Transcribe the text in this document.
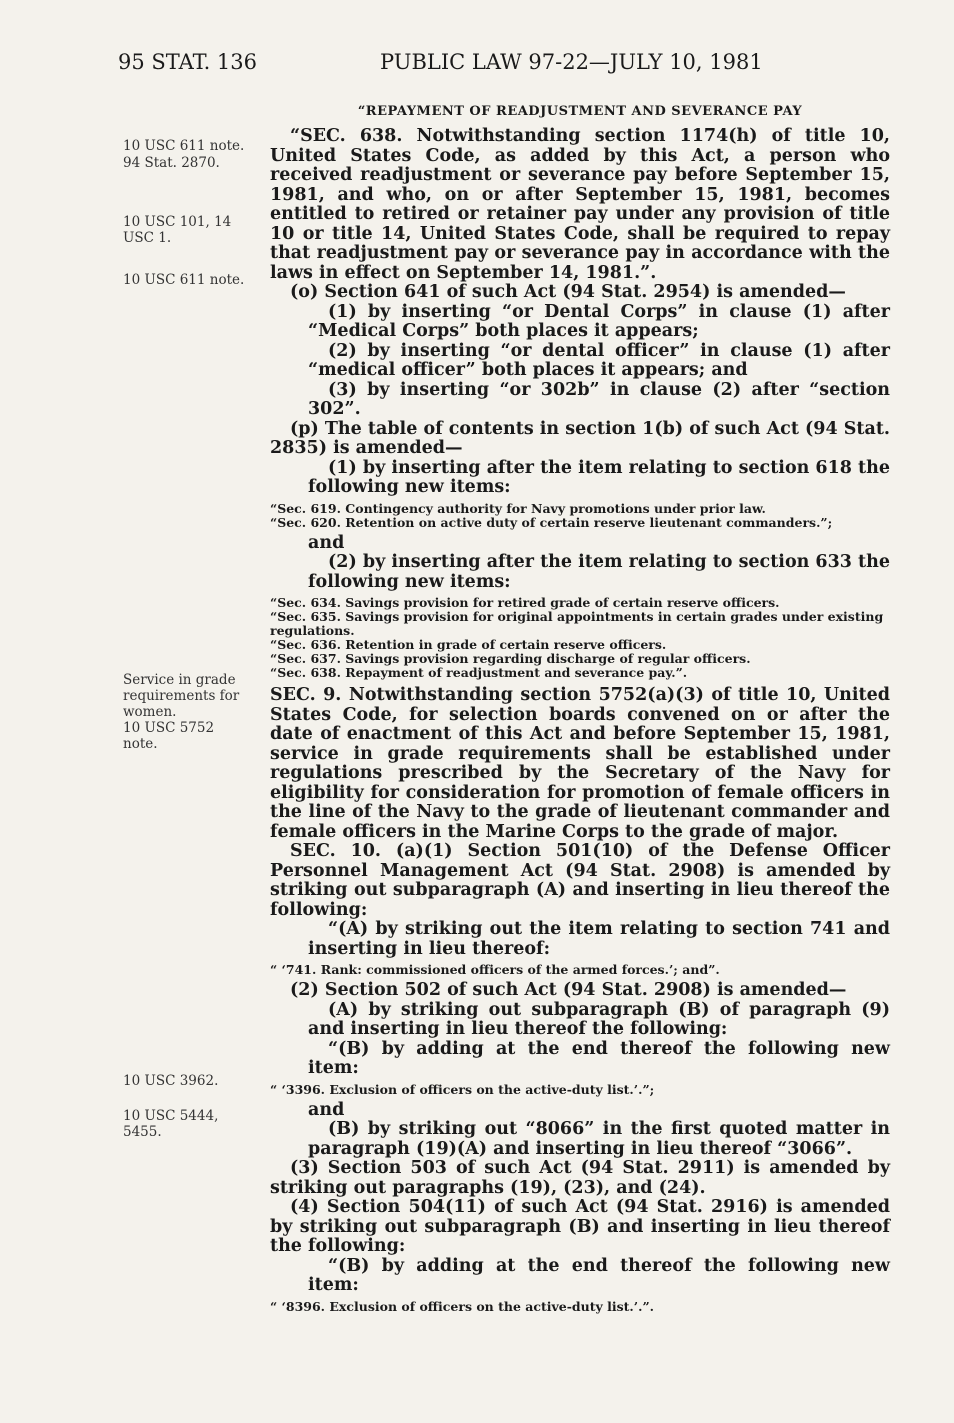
95 STAT. 136	PUBLIC LAW 97-22—JULY 10, 1981
10 USC 611 note.
94 Stat. 2870.
10 USC 101, 14 USC 1.
10 USC 611 note.
Service in grade requirements for women.
10 USC 5752 note.
10 USC 3962.
10 USC 5444, 5455.

“REPAYMENT OF READJUSTMENT AND SEVERANCE PAY

“SEC. 638. Notwithstanding section 1174(h) of title 10, United States Code, as added by this Act, a person who received readjustment or severance pay before September 15, 1981, and who, on or after September 15, 1981, becomes entitled to retired or retainer pay under any provision of title 10 or title 14, United States Code, shall be required to repay that readjustment pay or severance pay in accordance with the laws in effect on September 14, 1981.”.

(o) Section 641 of such Act (94 Stat. 2954) is amended—

(1) by inserting “or Dental Corps” in clause (1) after “Medical Corps” both places it appears;

(2) by inserting “or dental officer” in clause (1) after “medical officer” both places it appears; and

(3) by inserting “or 302b” in clause (2) after “section 302”.

(p) The table of contents in section 1(b) of such Act (94 Stat. 2835) is amended—

(1) by inserting after the item relating to section 618 the following new items:

“Sec. 619. Contingency authority for Navy promotions under prior law.

“Sec. 620. Retention on active duty of certain reserve lieutenant commanders.”;

and

(2) by inserting after the item relating to section 633 the following new items:

“Sec. 634. Savings provision for retired grade of certain reserve officers.

“Sec. 635. Savings provision for original appointments in certain grades under existing regulations.

“Sec. 636. Retention in grade of certain reserve officers.

“Sec. 637. Savings provision regarding discharge of regular officers.

“Sec. 638. Repayment of readjustment and severance pay.”.

SEC. 9. Notwithstanding section 5752(a)(3) of title 10, United States Code, for selection boards convened on or after the date of enactment of this Act and before September 15, 1981, service in grade requirements shall be established under regulations prescribed by the Secretary of the Navy for eligibility for consideration for promotion of female officers in the line of the Navy to the grade of lieutenant commander and female officers in the Marine Corps to the grade of major.

SEC. 10. (a)(1) Section 501(10) of the Defense Officer Personnel Management Act (94 Stat. 2908) is amended by striking out subparagraph (A) and inserting in lieu thereof the following:

“(A) by striking out the item relating to section 741 and inserting in lieu thereof:

“ ‘741. Rank: commissioned officers of the armed forces.’; and”.

(2) Section 502 of such Act (94 Stat. 2908) is amended—

(A) by striking out subparagraph (B) of paragraph (9) and inserting in lieu thereof the following:

“(B) by adding at the end thereof the following new item:

“ ‘3396. Exclusion of officers on the active-duty list.’.”;

and

(B) by striking out “8066” in the first quoted matter in paragraph (19)(A) and inserting in lieu thereof “3066”.

(3) Section 503 of such Act (94 Stat. 2911) is amended by striking out paragraphs (19), (23), and (24).

(4) Section 504(11) of such Act (94 Stat. 2916) is amended by striking out subparagraph (B) and inserting in lieu thereof the following:

“(B) by adding at the end thereof the following new item:

“ ‘8396. Exclusion of officers on the active-duty list.’.”.
